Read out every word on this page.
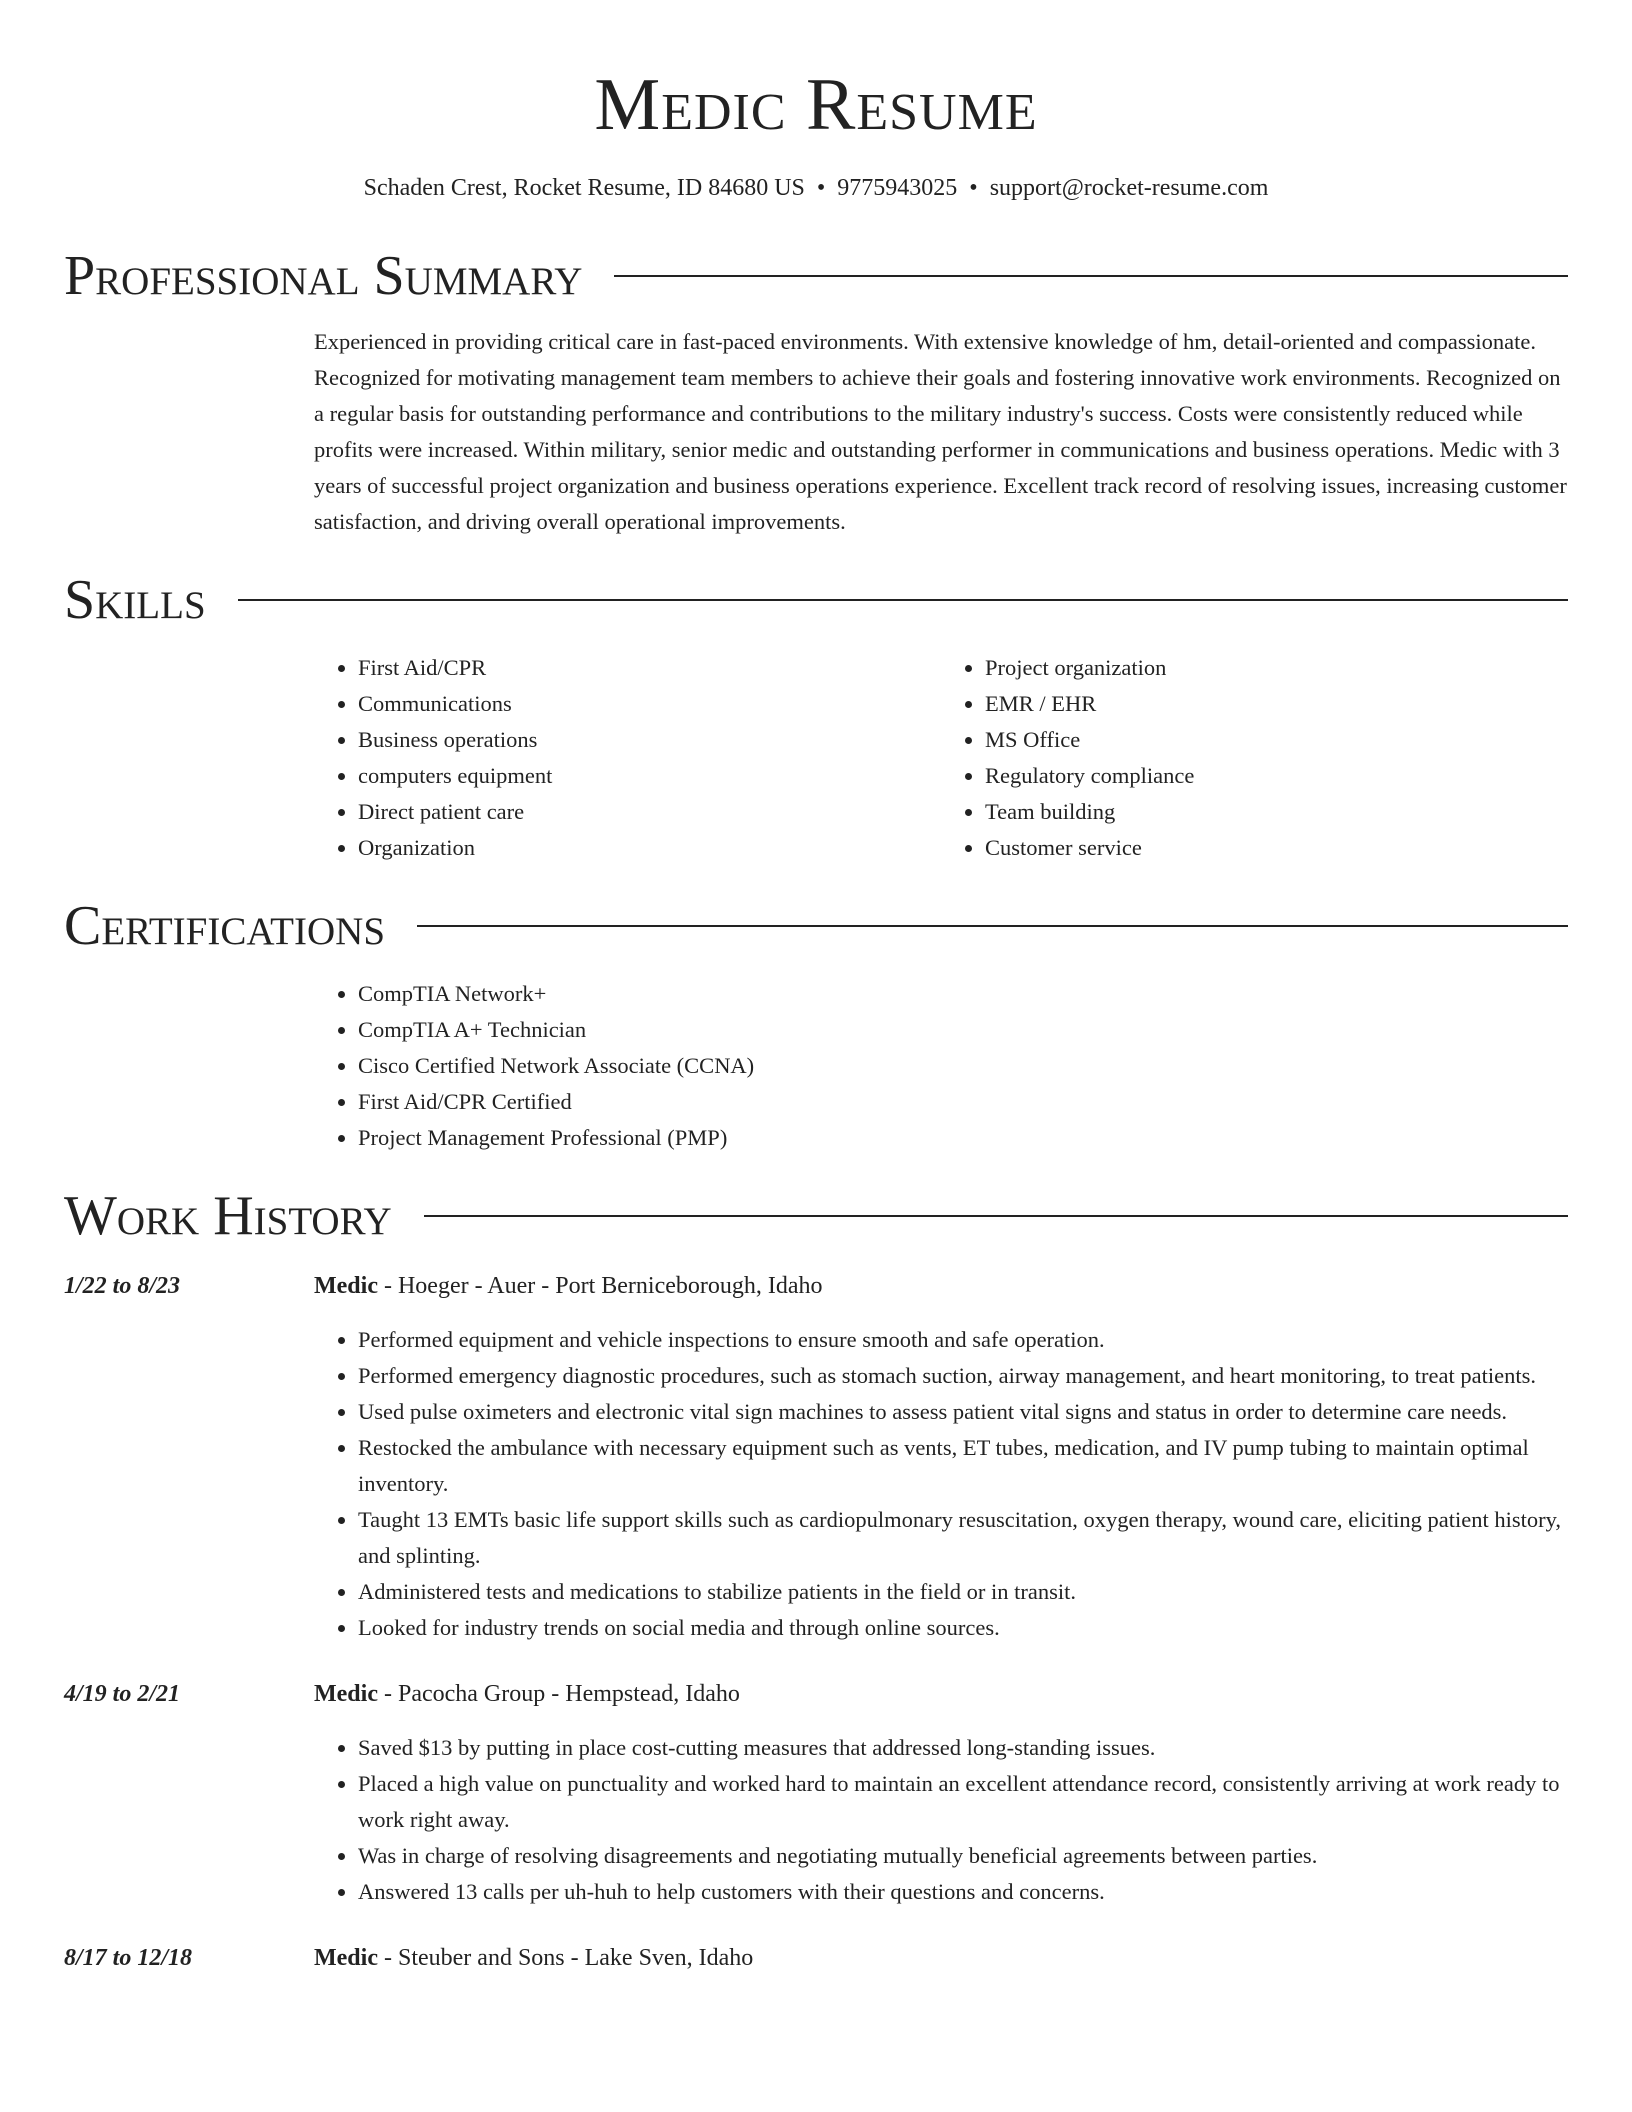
Medic Resume
Schaden Crest, Rocket Resume, ID 84680 US • 9775943025 • support@rocket-resume.com
Professional Summary

Experienced in providing critical care in fast-paced environments. With extensive knowledge of hm, detail-oriented and compassionate. Recognized for motivating management team members to achieve their goals and fostering innovative work environments. Recognized on a regular basis for outstanding performance and contributions to the military industry's success. Costs were consistently reduced while profits were increased. Within military, senior medic and outstanding performer in communications and business operations. Medic with 3 years of successful project organization and business operations experience. Excellent track record of resolving issues, increasing customer satisfaction, and driving overall operational improvements.

Skills
• First Aid/CPR
• Communications
• Business operations
• computers equipment
• Direct patient care
• Organization
• Project organization
• EMR / EHR
• MS Office
• Regulatory compliance
• Team building
• Customer service
Certifications
• CompTIA Network+
• CompTIA A+ Technician
• Cisco Certified Network Associate (CCNA)
• First Aid/CPR Certified
• Project Management Professional (PMP)
Work History
1/22 to 8/23	Medic - Hoeger - Auer - Port Berniceborough, Idaho
• Performed equipment and vehicle inspections to ensure smooth and safe operation.
• Performed emergency diagnostic procedures, such as stomach suction, airway management, and heart monitoring, to treat patients.
• Used pulse oximeters and electronic vital sign machines to assess patient vital signs and status in order to determine care needs.
• Restocked the ambulance with necessary equipment such as vents, ET tubes, medication, and IV pump tubing to maintain optimal inventory.
• Taught 13 EMTs basic life support skills such as cardiopulmonary resuscitation, oxygen therapy, wound care, eliciting patient history, and splinting.
• Administered tests and medications to stabilize patients in the field or in transit.
• Looked for industry trends on social media and through online sources.
4/19 to 2/21	Medic - Pacocha Group - Hempstead, Idaho
• Saved $13 by putting in place cost-cutting measures that addressed long-standing issues.
• Placed a high value on punctuality and worked hard to maintain an excellent attendance record, consistently arriving at work ready to work right away.
• Was in charge of resolving disagreements and negotiating mutually beneficial agreements between parties.
• Answered 13 calls per uh-huh to help customers with their questions and concerns.
8/17 to 12/18	Medic - Steuber and Sons - Lake Sven, Idaho
